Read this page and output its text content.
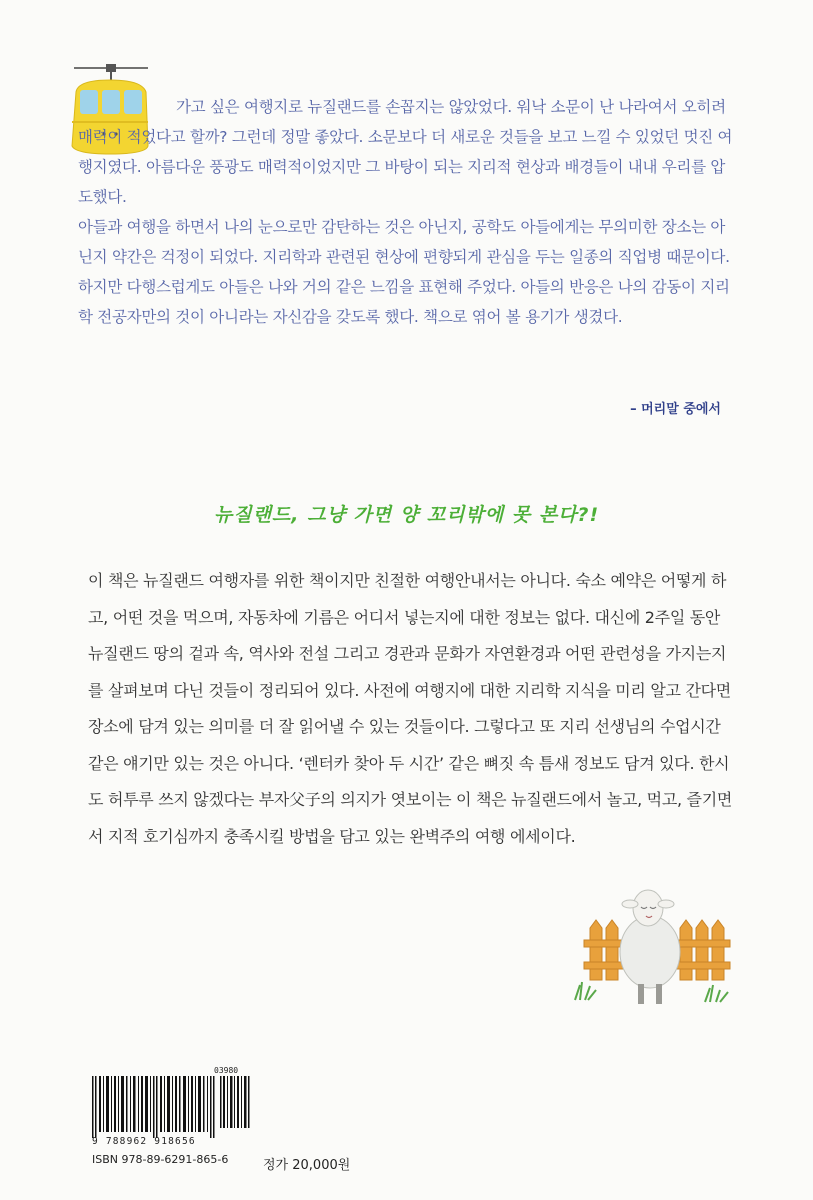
가고 싶은 여행지로 뉴질랜드를 손꼽지는 않았었다. 워낙 소문이 난 나라여서 오히려 매력이 적었다고 할까? 그런데 정말 좋았다. 소문보다 더 새로운 것들을 보고 느낄 수 있었던 멋진 여행지였다. 아름다운 풍광도 매력적이었지만 그 바탕이 되는 지리적 현상과 배경들이 내내 우리를 압도했다.

아들과 여행을 하면서 나의 눈으로만 감탄하는 것은 아닌지, 공학도 아들에게는 무의미한 장소는 아닌지 약간은 걱정이 되었다. 지리학과 관련된 현상에 편향되게 관심을 두는 일종의 직업병 때문이다. 하지만 다행스럽게도 아들은 나와 거의 같은 느낌을 표현해 주었다. 아들의 반응은 나의 감동이 지리학 전공자만의 것이 아니라는 자신감을 갖도록 했다. 책으로 엮어 볼 용기가 생겼다.

– 머리말 중에서
뉴질랜드, 그냥 가면 양 꼬리밖에 못 본다?!

이 책은 뉴질랜드 여행자를 위한 책이지만 친절한 여행안내서는 아니다. 숙소 예약은 어떻게 하고, 어떤 것을 먹으며, 자동차에 기름은 어디서 넣는지에 대한 정보는 없다. 대신에 2주일 동안 뉴질랜드 땅의 겉과 속, 역사와 전설 그리고 경관과 문화가 자연환경과 어떤 관련성을 가지는지를 살펴보며 다닌 것들이 정리되어 있다. 사전에 여행지에 대한 지리학 지식을 미리 알고 간다면 장소에 담겨 있는 의미를 더 잘 읽어낼 수 있는 것들이다. 그렇다고 또 지리 선생님의 수업시간 같은 얘기만 있는 것은 아니다. ‘렌터카 찾아 두 시간’ 같은 뼈짓 속 틈새 정보도 담겨 있다. 한시도 허투루 쓰지 않겠다는 부자父子의 의지가 엿보이는 이 책은 뉴질랜드에서 놀고, 먹고, 즐기면서 지적 호기심까지 충족시킬 방법을 담고 있는 완벽주의 여행 에세이다.

03980
9 788962 918656
ISBN 978-89-6291-865-6	정가 20,000원
